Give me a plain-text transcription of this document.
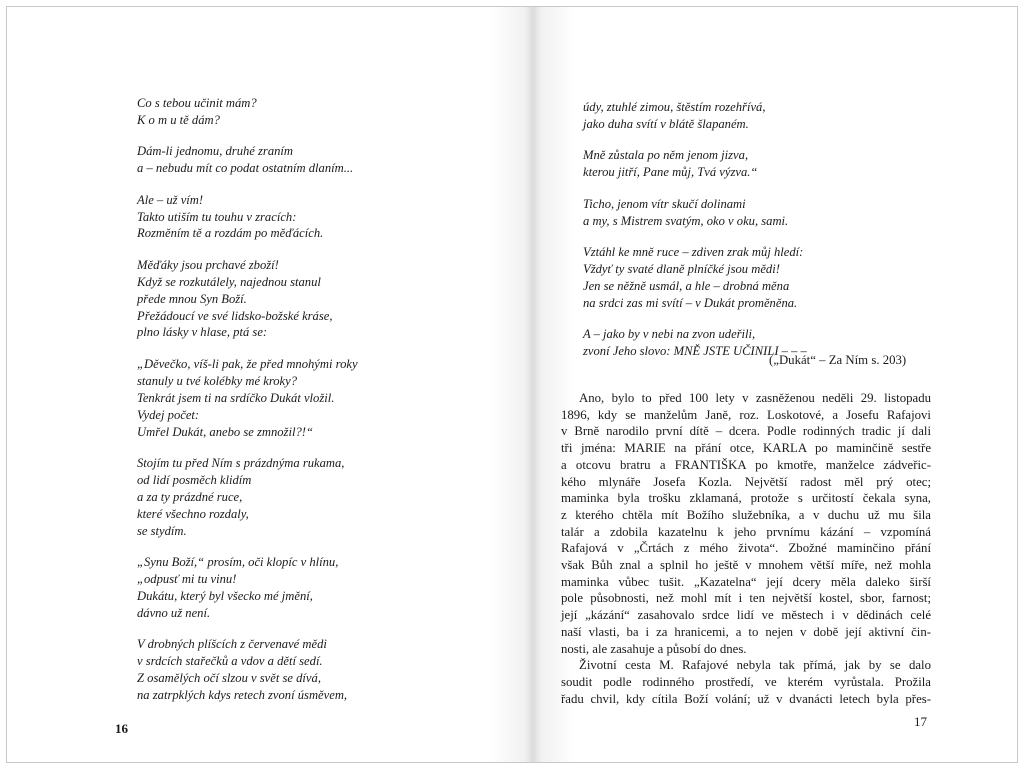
Co s tebou učinit mám?
K o m u tě dám?
Dám-li jednomu, druhé zraním
a – nebudu mít co podat ostatním dlaním...
Ale – už vím!
Takto utiším tu touhu v zracích:
Rozměním tě a rozdám po měďácích.
Měďáky jsou prchavé zboží!
Když se rozkutálely, najednou stanul
přede mnou Syn Boží.
Přežádoucí ve své lidsko-božské kráse,
plno lásky v hlase, ptá se:
„Děvečko, víš-li pak, že před mnohými roky
stanuly u tvé kolébky mé kroky?
Tenkrát jsem ti na srdíčko Dukát vložil.
Vydej počet:
Umřel Dukát, anebo se zmnožil?!“
Stojím tu před Ním s prázdnýma rukama,
od lidí posměch klidím
a za ty prázdné ruce,
které všechno rozdaly,
se stydím.
„Synu Boží,“ prosím, oči klopíc v hlínu,
„odpusť mi tu vinu!
Dukátu, který byl všecko mé jmění,
dávno už není.
V drobných plíšcích z červenavé mědi
v srdcích stařečků a vdov a dětí sedí.
Z osamělých očí slzou v svět se dívá,
na zatrpklých kdys retech zvoní úsměvem,
16
údy, ztuhlé zimou, štěstím rozehřívá,
jako duha svítí v blátě šlapaném.
Mně zůstala po něm jenom jizva,
kterou jitří, Pane můj, Tvá výzva.“
Ticho, jenom vítr skučí dolinami
a my, s Mistrem svatým, oko v oku, sami.
Vztáhl ke mně ruce – zdiven zrak můj hledí:
Vždyť ty svaté dlaně plníčké jsou mědi!
Jen se něžně usmál, a hle – drobná měna
na srdci zas mi svítí – v Dukát proměněna.
A – jako by v nebi na zvon udeřili,
zvoní Jeho slovo: MNĚ JSTE UČINILI – – –
(„Dukát“ – Za Ním s. 203)
Ano, bylo to před 100 lety v zasněženou neděli 29. listopadu
1896, kdy se manželům Janě, roz. Loskotové, a Josefu Rafajovi
v Brně narodilo první dítě – dcera. Podle rodinných tradic jí dali
tři jména: MARIE na přání otce, KARLA po maminčině sestře
a otcovu bratru a FRANTIŠKA po kmotře, manželce zádveřic-
kého mlynáře Josefa Kozla. Největší radost měl prý otec;
maminka byla trošku zklamaná, protože s určitostí čekala syna,
z kterého chtěla mít Božího služebníka, a v duchu už mu šila
talár a zdobila kazatelnu k jeho prvnímu kázání – vzpomíná
Rafajová v „Črtách z mého života“. Zbožné maminčino přání
však Bůh znal a splnil ho ještě v mnohem větší míře, než mohla
maminka vůbec tušit. „Kazatelna“ její dcery měla daleko širší
pole působnosti, než mohl mít i ten největší kostel, sbor, farnost;
její „kázání“ zasahovalo srdce lidí ve městech i v dědinách celé
naší vlasti, ba i za hranicemi, a to nejen v době její aktivní čin-
nosti, ale zasahuje a působí do dnes.
Životní cesta M. Rafajové nebyla tak přímá, jak by se dalo
soudit podle rodinného prostředí, ve kterém vyrůstala. Prožila
řadu chvil, kdy cítila Boží volání; už v dvanácti letech byla přes-
17
